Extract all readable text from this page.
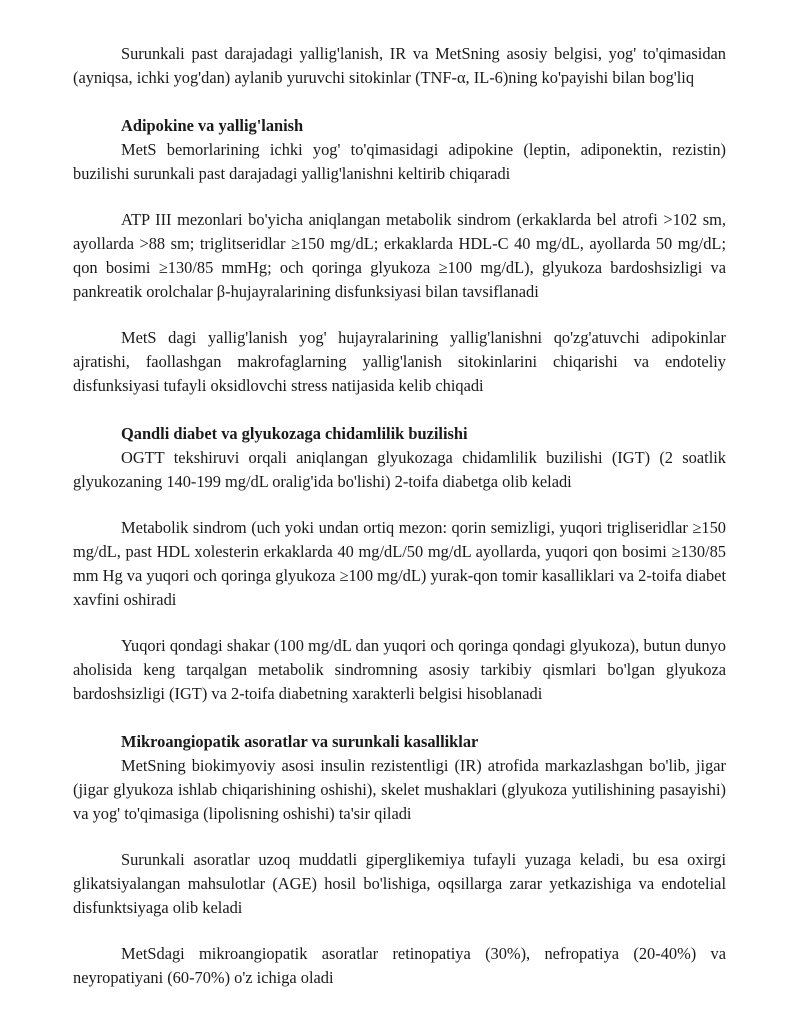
Surunkali past darajadagi yallig'lanish, IR va MetSning asosiy belgisi, yog' to'qimasidan (ayniqsa, ichki yog'dan) aylanib yuruvchi sitokinlar (TNF-α, IL-6)ning ko'payishi bilan bog'liq

Adipokine va yallig'lanish

MetS bemorlarining ichki yog' to'qimasidagi adipokine (leptin, adiponektin, rezistin) buzilishi surunkali past darajadagi yallig'lanishni keltirib chiqaradi

ATP III mezonlari bo'yicha aniqlangan metabolik sindrom (erkaklarda bel atrofi >102 sm, ayollarda >88 sm; triglitseridlar ≥150 mg/dL; erkaklarda HDL-C 40 mg/dL, ayollarda 50 mg/dL; qon bosimi ≥130/85 mmHg; och qoringa glyukoza ≥100 mg/dL), glyukoza bardoshsizligi va pankreatik orolchalar β-hujayralarining disfunksiyasi bilan tavsiflanadi

MetS dagi yallig'lanish yog' hujayralarining yallig'lanishni qo'zg'atuvchi adipokinlar ajratishi, faollashgan makrofaglarning yallig'lanish sitokinlarini chiqarishi va endoteliy disfunksiyasi tufayli oksidlovchi stress natijasida kelib chiqadi

Qandli diabet va glyukozaga chidamlilik buzilishi

OGTT tekshiruvi orqali aniqlangan glyukozaga chidamlilik buzilishi (IGT) (2 soatlik glyukozaning 140-199 mg/dL oralig'ida bo'lishi) 2-toifa diabetga olib keladi

Metabolik sindrom (uch yoki undan ortiq mezon: qorin semizligi, yuqori trigliseridlar ≥150 mg/dL, past HDL xolesterin erkaklarda 40 mg/dL/50 mg/dL ayollarda, yuqori qon bosimi ≥130/85 mm Hg va yuqori och qoringa glyukoza ≥100 mg/dL) yurak-qon tomir kasalliklari va 2-toifa diabet xavfini oshiradi

Yuqori qondagi shakar (100 mg/dL dan yuqori och qoringa qondagi glyukoza), butun dunyo aholisida keng tarqalgan metabolik sindromning asosiy tarkibiy qismlari bo'lgan glyukoza bardoshsizligi (IGT) va 2-toifa diabetning xarakterli belgisi hisoblanadi

Mikroangiopatik asoratlar va surunkali kasalliklar

MetSning biokimyoviy asosi insulin rezistentligi (IR) atrofida markazlashgan bo'lib, jigar (jigar glyukoza ishlab chiqarishining oshishi), skelet mushaklari (glyukoza yutilishining pasayishi) va yog' to'qimasiga (lipolisning oshishi) ta'sir qiladi

Surunkali asoratlar uzoq muddatli giperglikemiya tufayli yuzaga keladi, bu esa oxirgi glikatsiyalangan mahsulotlar (AGE) hosil bo'lishiga, oqsillarga zarar yetkazishiga va endotelial disfunktsiyaga olib keladi

MetSdagi mikroangiopatik asoratlar retinopatiya (30%), nefropatiya (20-40%) va neyropatiyani (60-70%) o'z ichiga oladi
